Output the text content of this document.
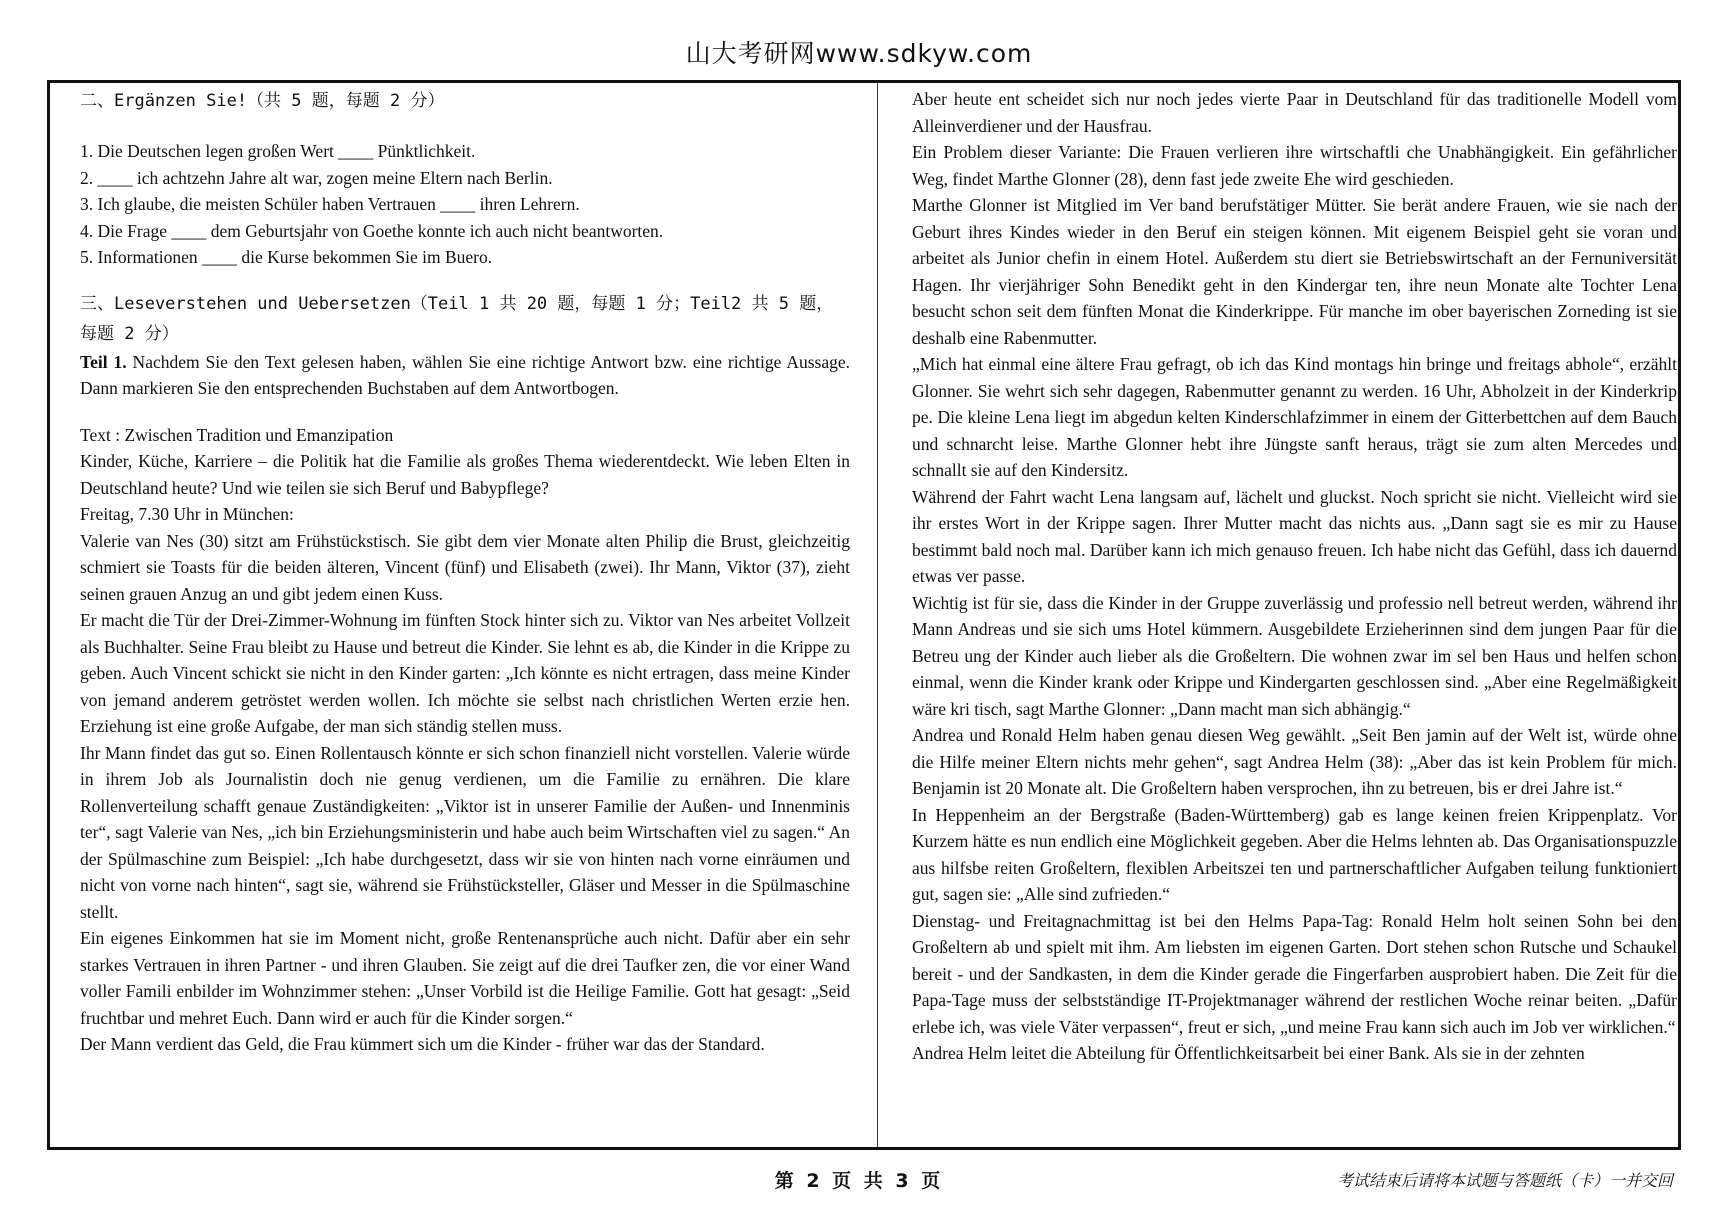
山大考研网www.sdkyw.com
二、Ergänzen Sie!（共 5 题，每题 2 分）
1. Die Deutschen legen großen Wert ____ Pünktlichkeit.
2. ____ ich achtzehn Jahre alt war, zogen meine Eltern nach Berlin.
3. Ich glaube, die meisten Schüler haben Vertrauen ____ ihren Lehrern.
4. Die Frage ____ dem Geburtsjahr von Goethe konnte ich auch nicht beantworten.
5. Informationen ____ die Kurse bekommen Sie im Buero.
三、Leseverstehen und Uebersetzen（Teil 1 共 20 题，每题 1 分；Teil2 共 5 题，每题 2 分）

Teil 1. Nachdem Sie den Text gelesen haben, wählen Sie eine richtige Antwort bzw. eine richtige Aussage. Dann markieren Sie den entsprechenden Buchstaben auf dem Antwortbogen.

Text : Zwischen Tradition und Emanzipation

Kinder, Küche, Karriere – die Politik hat die Familie als großes Thema wiederentdeckt. Wie leben Elten in Deutschland heute? Und wie teilen sie sich Beruf und Babypflege?

Freitag, 7.30 Uhr in München:

Valerie van Nes (30) sitzt am Frühstückstisch. Sie gibt dem vier Monate alten Philip die Brust, gleichzeitig schmiert sie Toasts für die beiden älteren, Vincent (fünf) und Elisabeth (zwei). Ihr Mann, Viktor (37), zieht seinen grauen Anzug an und gibt jedem einen Kuss.

Er macht die Tür der Drei-Zimmer-Wohnung im fünften Stock hinter sich zu. Viktor van Nes arbeitet Vollzeit als Buchhalter. Seine Frau bleibt zu Hause und betreut die Kinder. Sie lehnt es ab, die Kinder in die Krippe zu geben. Auch Vincent schickt sie nicht in den Kinder garten: „Ich könnte es nicht ertragen, dass meine Kinder von jemand anderem getröstet werden wollen. Ich möchte sie selbst nach christlichen Werten erzie hen. Erziehung ist eine große Aufgabe, der man sich ständig stellen muss.

Ihr Mann findet das gut so. Einen Rollentausch könnte er sich schon finanziell nicht vorstellen. Valerie würde in ihrem Job als Journalistin doch nie genug verdienen, um die Familie zu ernähren. Die klare Rollenverteilung schafft genaue Zuständigkeiten: „Viktor ist in unserer Familie der Außen- und Innenminis ter“, sagt Valerie van Nes, „ich bin Erziehungsministerin und habe auch beim Wirtschaften viel zu sagen.“ An der Spülmaschine zum Beispiel: „Ich habe durchgesetzt, dass wir sie von hinten nach vorne einräumen und nicht von vorne nach hinten“, sagt sie, während sie Frühstücksteller, Gläser und Messer in die Spülmaschine stellt.

Ein eigenes Einkommen hat sie im Moment nicht, große Rentenansprüche auch nicht. Dafür aber ein sehr starkes Vertrauen in ihren Partner - und ihren Glauben. Sie zeigt auf die drei Taufker zen, die vor einer Wand voller Famili enbilder im Wohnzimmer stehen: „Unser Vorbild ist die Heilige Familie. Gott hat gesagt: „Seid fruchtbar und mehret Euch. Dann wird er auch für die Kinder sorgen.“

Der Mann verdient das Geld, die Frau kümmert sich um die Kinder - früher war das der Standard.

Aber heute ent scheidet sich nur noch jedes vierte Paar in Deutschland für das traditionelle Modell vom Alleinverdiener und der Hausfrau.

Ein Problem dieser Variante: Die Frauen verlieren ihre wirtschaftli che Unabhängigkeit. Ein gefährlicher Weg, findet Marthe Glonner (28), denn fast jede zweite Ehe wird geschieden.

Marthe Glonner ist Mitglied im Ver band berufstätiger Mütter. Sie berät andere Frauen, wie sie nach der Geburt ihres Kindes wieder in den Beruf ein steigen können. Mit eigenem Beispiel geht sie voran und arbeitet als Junior chefin in einem Hotel. Außerdem stu diert sie Betriebswirtschaft an der Fernuniversität Hagen. Ihr vierjähriger Sohn Benedikt geht in den Kindergar ten, ihre neun Monate alte Tochter Lena besucht schon seit dem fünften Monat die Kinderkrippe. Für manche im ober bayerischen Zorneding ist sie deshalb eine Rabenmutter.

„Mich hat einmal eine ältere Frau gefragt, ob ich das Kind montags hin bringe und freitags abhole“, erzählt Glonner. Sie wehrt sich sehr dagegen, Rabenmutter genannt zu werden. 16 Uhr, Abholzeit in der Kinderkrip pe. Die kleine Lena liegt im abgedun kelten Kinderschlafzimmer in einem der Gitterbettchen auf dem Bauch und schnarcht leise. Marthe Glonner hebt ihre Jüngste sanft heraus, trägt sie zum alten Mercedes und schnallt sie auf den Kindersitz.

Während der Fahrt wacht Lena langsam auf, lächelt und gluckst. Noch spricht sie nicht. Vielleicht wird sie ihr erstes Wort in der Krippe sagen. Ihrer Mutter macht das nichts aus. „Dann sagt sie es mir zu Hause bestimmt bald noch mal. Darüber kann ich mich genauso freuen. Ich habe nicht das Gefühl, dass ich dauernd etwas ver passe.

Wichtig ist für sie, dass die Kinder in der Gruppe zuverlässig und professio nell betreut werden, während ihr Mann Andreas und sie sich ums Hotel kümmern. Ausgebildete Erzieherinnen sind dem jungen Paar für die Betreu ung der Kinder auch lieber als die Großeltern. Die wohnen zwar im sel ben Haus und helfen schon einmal, wenn die Kinder krank oder Krippe und Kindergarten geschlossen sind. „Aber eine Regelmäßigkeit wäre kri tisch, sagt Marthe Glonner: „Dann macht man sich abhängig.“

Andrea und Ronald Helm haben genau diesen Weg gewählt. „Seit Ben jamin auf der Welt ist, würde ohne die Hilfe meiner Eltern nichts mehr gehen“, sagt Andrea Helm (38): „Aber das ist kein Problem für mich. Benjamin ist 20 Monate alt. Die Großeltern haben versprochen, ihn zu betreuen, bis er drei Jahre ist.“

In Heppenheim an der Bergstraße (Baden-Württemberg) gab es lange keinen freien Krippenplatz. Vor Kurzem hätte es nun endlich eine Möglichkeit gegeben. Aber die Helms lehnten ab. Das Organisationspuzzle aus hilfsbe reiten Großeltern, flexiblen Arbeitszei ten und partnerschaftlicher Aufgaben teilung funktioniert gut, sagen sie: „Alle sind zufrieden.“

Dienstag- und Freitagnachmittag ist bei den Helms Papa-Tag: Ronald Helm holt seinen Sohn bei den Großeltern ab und spielt mit ihm. Am liebsten im eigenen Garten. Dort stehen schon Rutsche und Schaukel bereit - und der Sandkasten, in dem die Kinder gerade die Fingerfarben ausprobiert haben. Die Zeit für die Papa-Tage muss der selbstständige IT-Projektmanager während der restlichen Woche reinar beiten. „Dafür erlebe ich, was viele Väter verpassen“, freut er sich, „und meine Frau kann sich auch im Job ver wirklichen.“

Andrea Helm leitet die Abteilung für Öffentlichkeitsarbeit bei einer Bank. Als sie in der zehnten

第 2 页 共 3 页	考试结束后请将本试题与答题纸（卡）一并交回
